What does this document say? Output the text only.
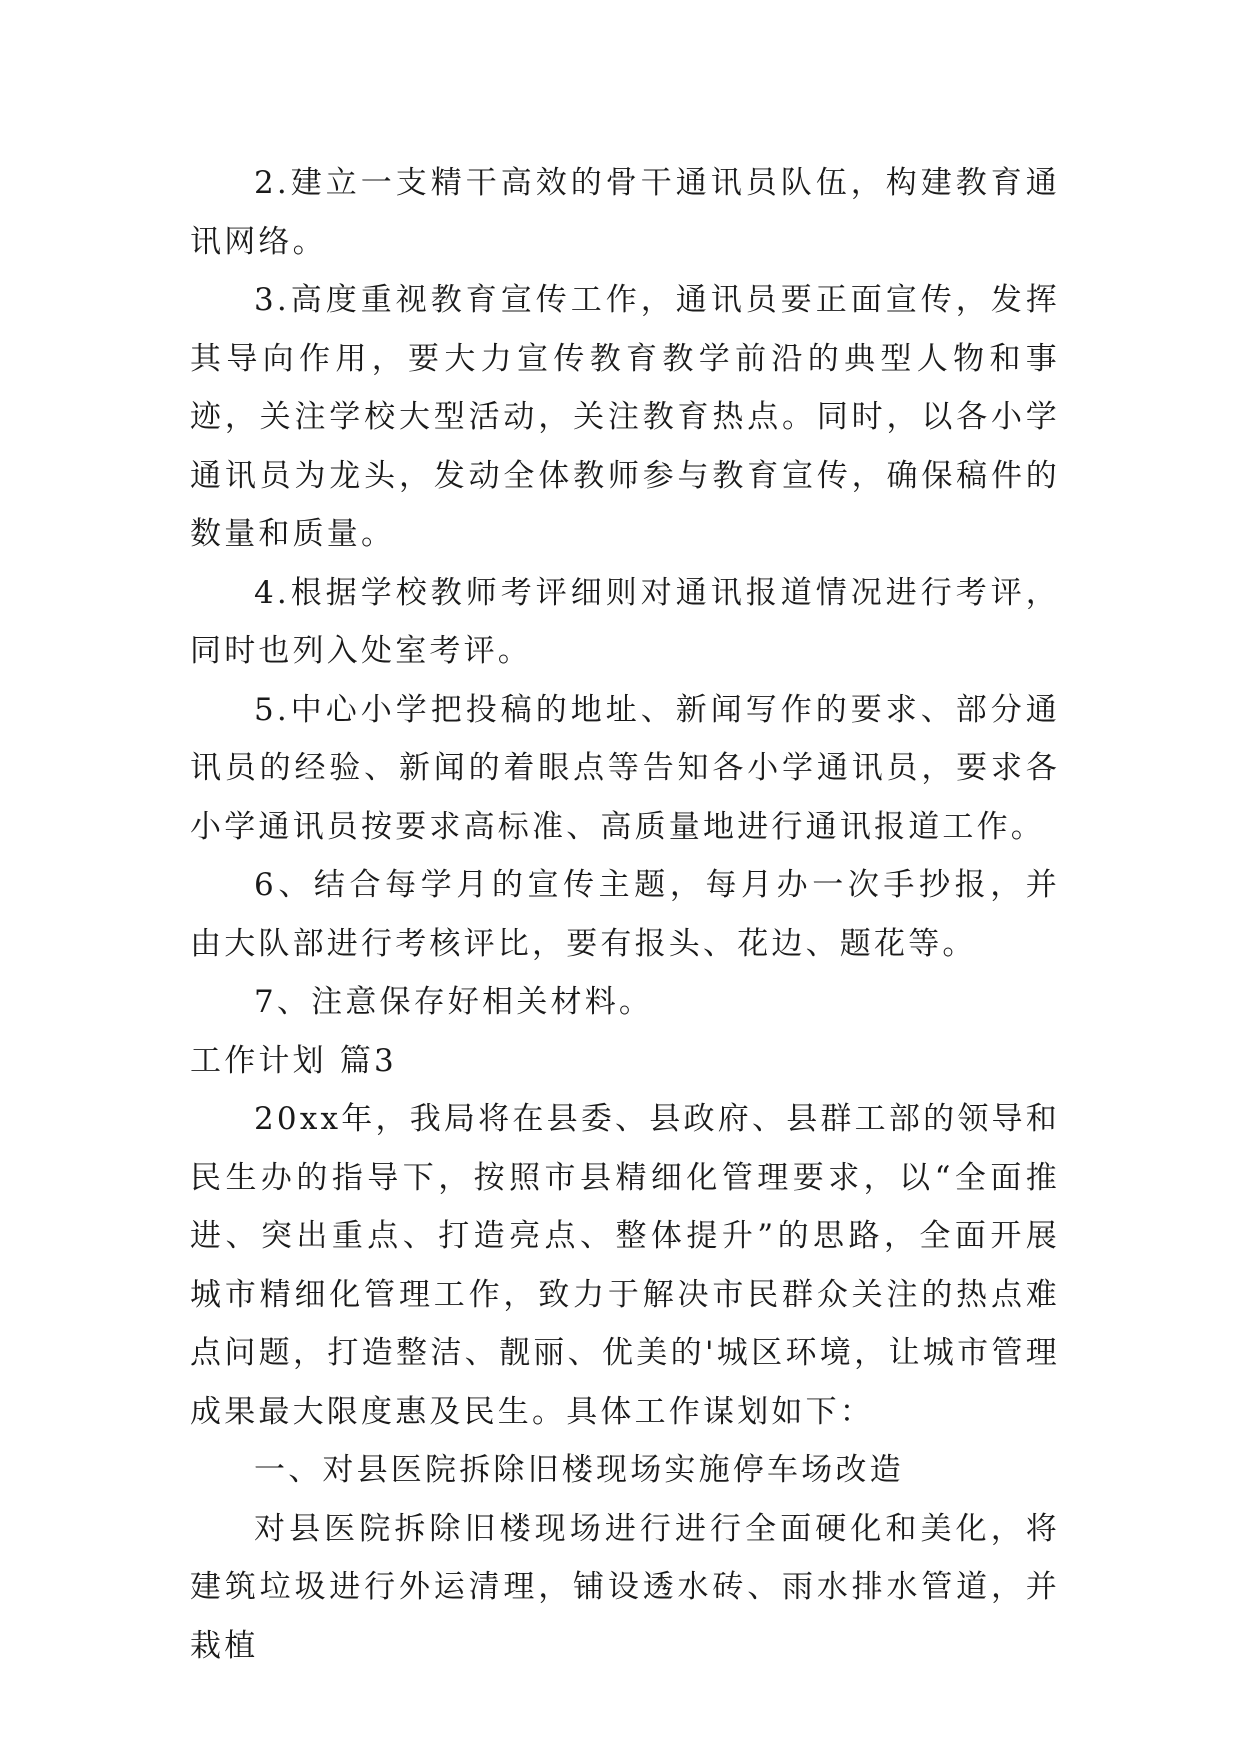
2.建立一支精干高效的骨干通讯员队伍，构建教育通讯网络。

3.高度重视教育宣传工作，通讯员要正面宣传，发挥其导向作用，要大力宣传教育教学前沿的典型人物和事迹，关注学校大型活动，关注教育热点。同时，以各小学通讯员为龙头，发动全体教师参与教育宣传，确保稿件的数量和质量。

4.根据学校教师考评细则对通讯报道情况进行考评，同时也列入处室考评。

5.中心小学把投稿的地址、新闻写作的要求、部分通讯员的经验、新闻的着眼点等告知各小学通讯员，要求各小学通讯员按要求高标准、高质量地进行通讯报道工作。

6、结合每学月的宣传主题，每月办一次手抄报，并由大队部进行考核评比，要有报头、花边、题花等。

7、注意保存好相关材料。

工作计划 篇3

20xx年，我局将在县委、县政府、县群工部的领导和民生办的指导下，按照市县精细化管理要求，以“全面推进、突出重点、打造亮点、整体提升”的思路，全面开展城市精细化管理工作，致力于解决市民群众关注的热点难点问题，打造整洁、靓丽、优美的'城区环境，让城市管理成果最大限度惠及民生。具体工作谋划如下：

一、对县医院拆除旧楼现场实施停车场改造

对县医院拆除旧楼现场进行进行全面硬化和美化，将建筑垃圾进行外运清理，铺设透水砖、雨水排水管道，并栽植
